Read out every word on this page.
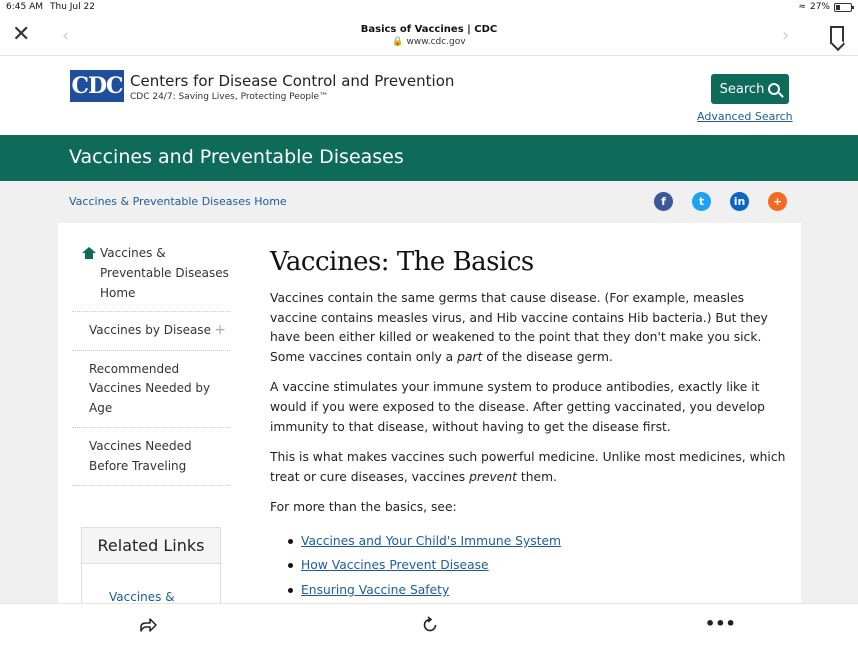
6:45 AM Thu Jul 22	≈ 27%
✕ ‹	Basics of Vaccines | CDC
🔒 www.cdc.gov	›
CDC Centers for Disease Control and Prevention
CDC 24/7: Saving Lives, Protecting People™
Search
Advanced Search
Vaccines and Preventable Diseases
Vaccines & Preventable Diseases Home	f	t	in	+
Vaccines & Preventable Diseases Home
Vaccines by Disease +
Recommended Vaccines Needed by Age
Vaccines Needed Before Traveling
Related Links
Vaccines &
Vaccines: The Basics

Vaccines contain the same germs that cause disease. (For example, measles vaccine contains measles virus, and Hib vaccine contains Hib bacteria.) But they have been either killed or weakened to the point that they don't make you sick. Some vaccines contain only a part of the disease germ.

A vaccine stimulates your immune system to produce antibodies, exactly like it would if you were exposed to the disease. After getting vaccinated, you develop immunity to that disease, without having to get the disease first.

This is what makes vaccines such powerful medicine. Unlike most medicines, which treat or cure diseases, vaccines prevent them.

For more than the basics, see:

Vaccines and Your Child's Immune System
How Vaccines Prevent Disease
Ensuring Vaccine Safety
•••
